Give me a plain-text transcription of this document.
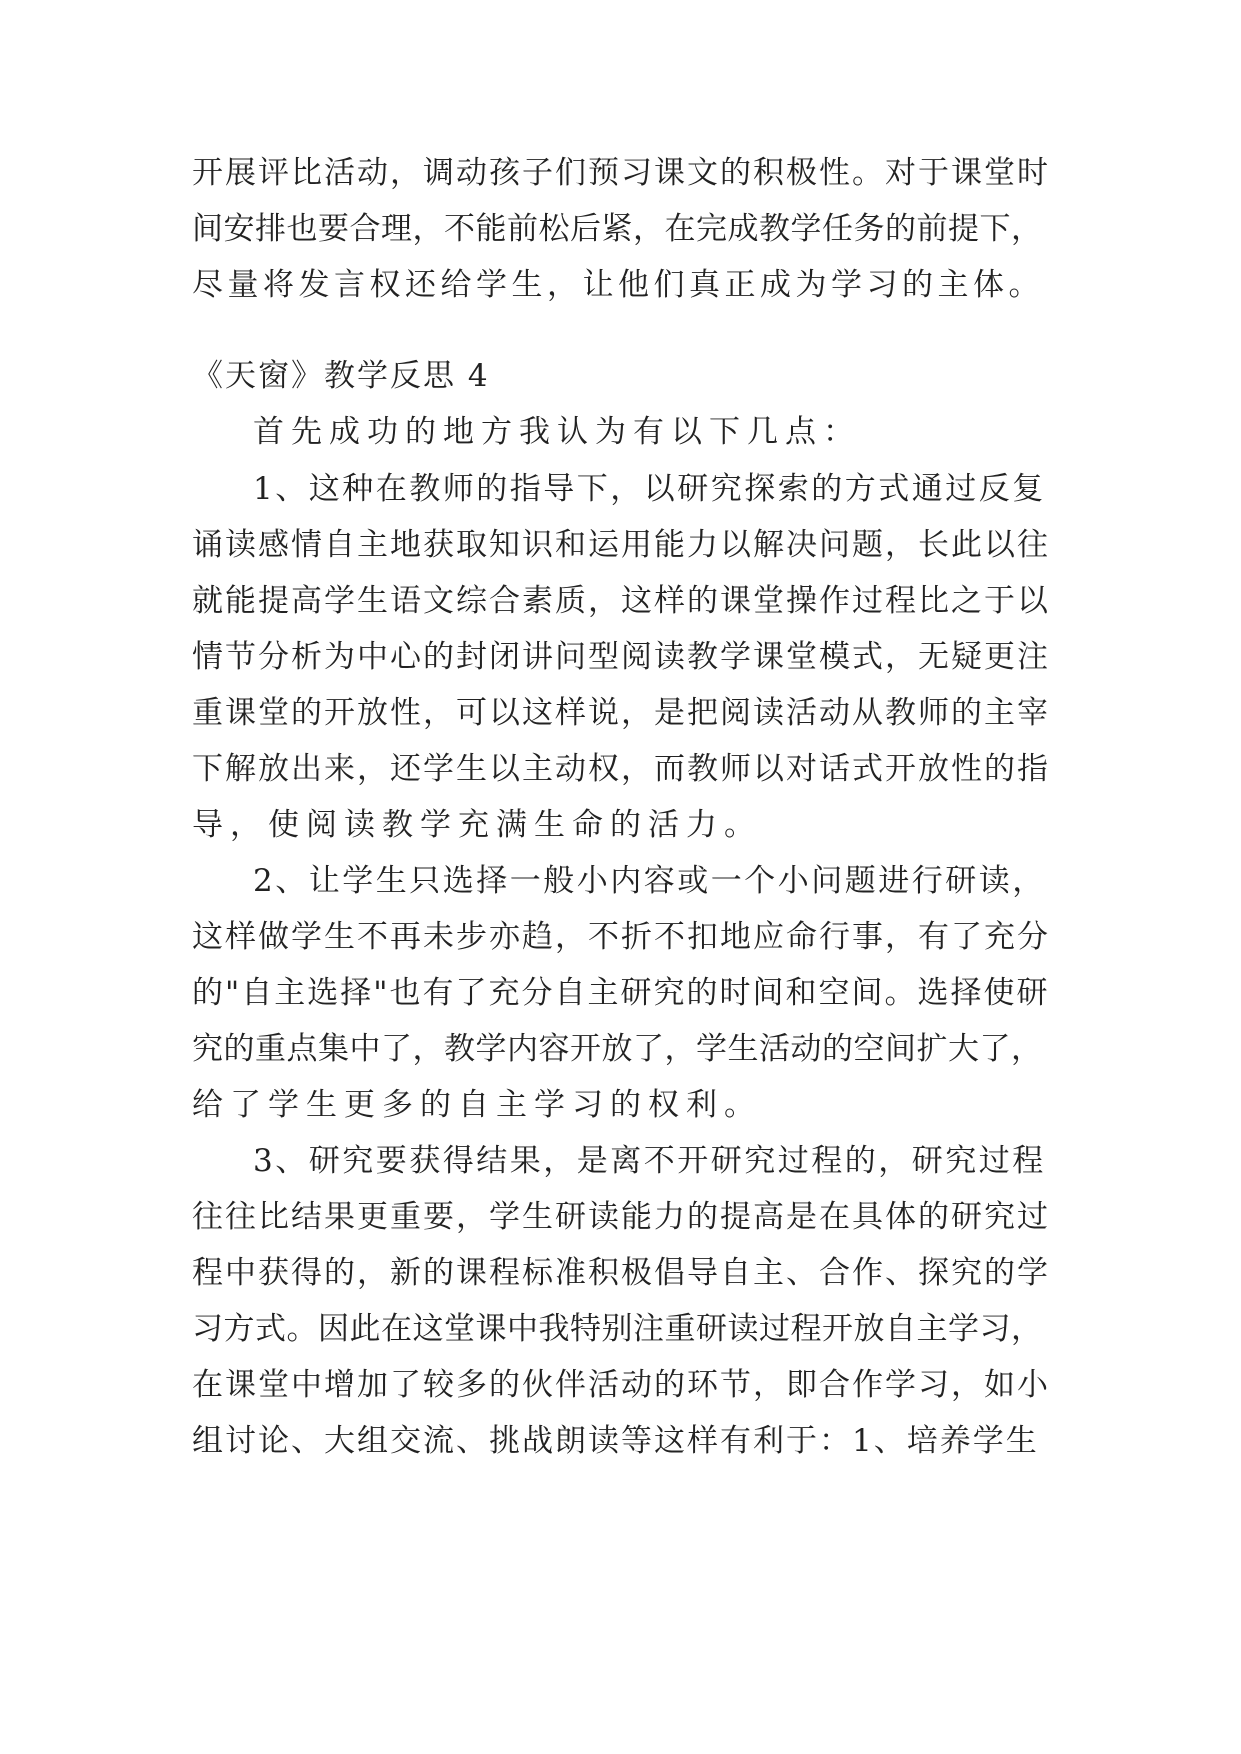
开展评比活动，调动孩子们预习课文的积极性。对于课堂时
间安排也要合理，不能前松后紧，在完成教学任务的前提下，
尽量将发言权还给学生，让他们真正成为学习的主体。
《天窗》教学反思 4
首先成功的地方我认为有以下几点：
1、这种在教师的指导下，以研究探索的方式通过反复
诵读感情自主地获取知识和运用能力以解决问题，长此以往
就能提高学生语文综合素质，这样的课堂操作过程比之于以
情节分析为中心的封闭讲问型阅读教学课堂模式，无疑更注
重课堂的开放性，可以这样说，是把阅读活动从教师的主宰
下解放出来，还学生以主动权，而教师以对话式开放性的指
导，使阅读教学充满生命的活力。
2、让学生只选择一般小内容或一个小问题进行研读，
这样做学生不再未步亦趋，不折不扣地应命行事，有了充分
的"自主选择"也有了充分自主研究的时间和空间。选择使研
究的重点集中了，教学内容开放了，学生活动的空间扩大了，
给了学生更多的自主学习的权利。
3、研究要获得结果，是离不开研究过程的，研究过程
往往比结果更重要，学生研读能力的提高是在具体的研究过
程中获得的，新的课程标准积极倡导自主、合作、探究的学
习方式。因此在这堂课中我特别注重研读过程开放自主学习，
在课堂中增加了较多的伙伴活动的环节，即合作学习，如小
组讨论、大组交流、挑战朗读等这样有利于：1、培养学生
